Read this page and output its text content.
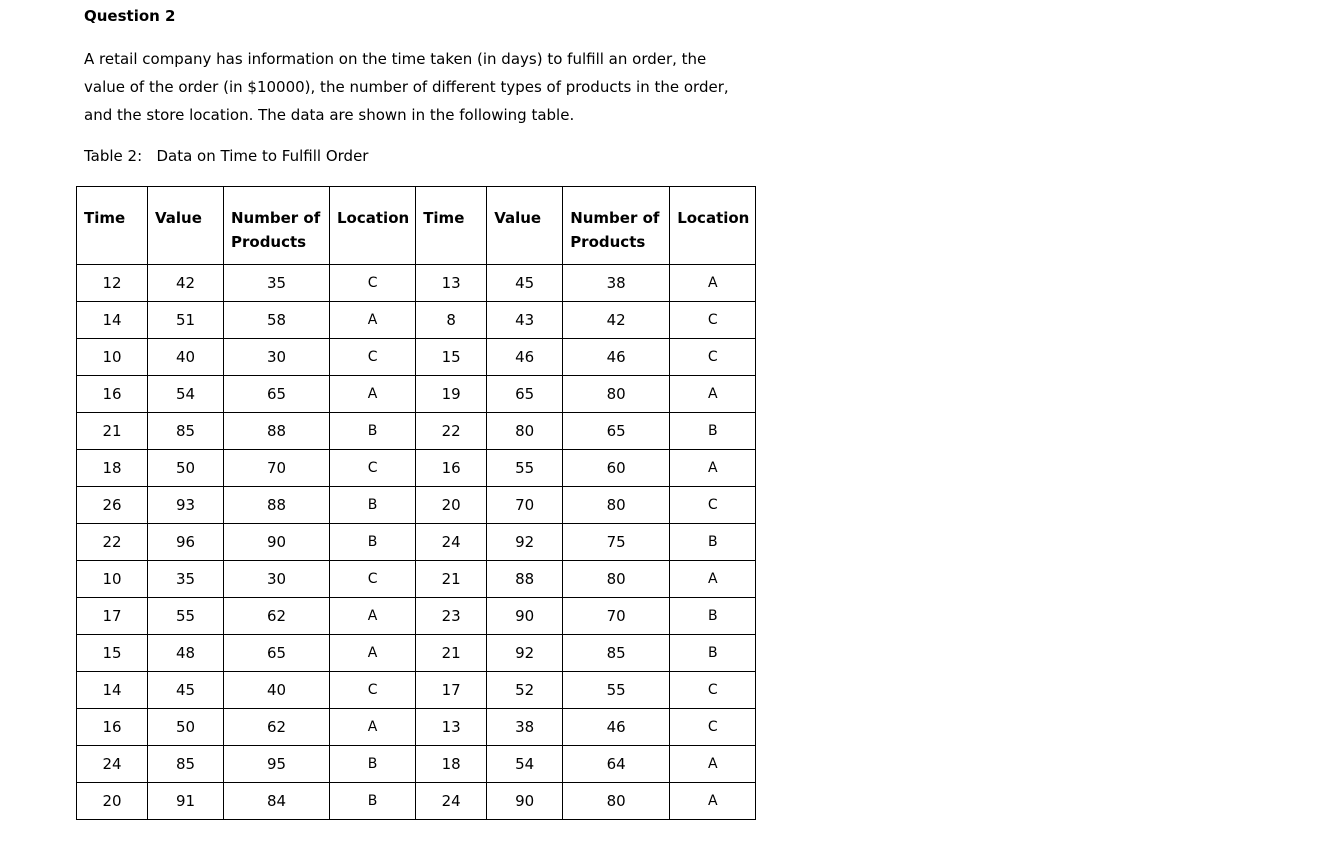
Question 2

A retail company has information on the time taken (in days) to fulfill an order, the value of the order (in $10000), the number of different types of products in the order, and the store location. The data are shown in the following table.

Table 2:   Data on Time to Fulfill Order
Time	Value	Number of Products	Location	Time	Value	Number of Products	Location
12	42	35	C	13	45	38	A
14	51	58	A	8	43	42	C
10	40	30	C	15	46	46	C
16	54	65	A	19	65	80	A
21	85	88	B	22	80	65	B
18	50	70	C	16	55	60	A
26	93	88	B	20	70	80	C
22	96	90	B	24	92	75	B
10	35	30	C	21	88	80	A
17	55	62	A	23	90	70	B
15	48	65	A	21	92	85	B
14	45	40	C	17	52	55	C
16	50	62	A	13	38	46	C
24	85	95	B	18	54	64	A
20	91	84	B	24	90	80	A
